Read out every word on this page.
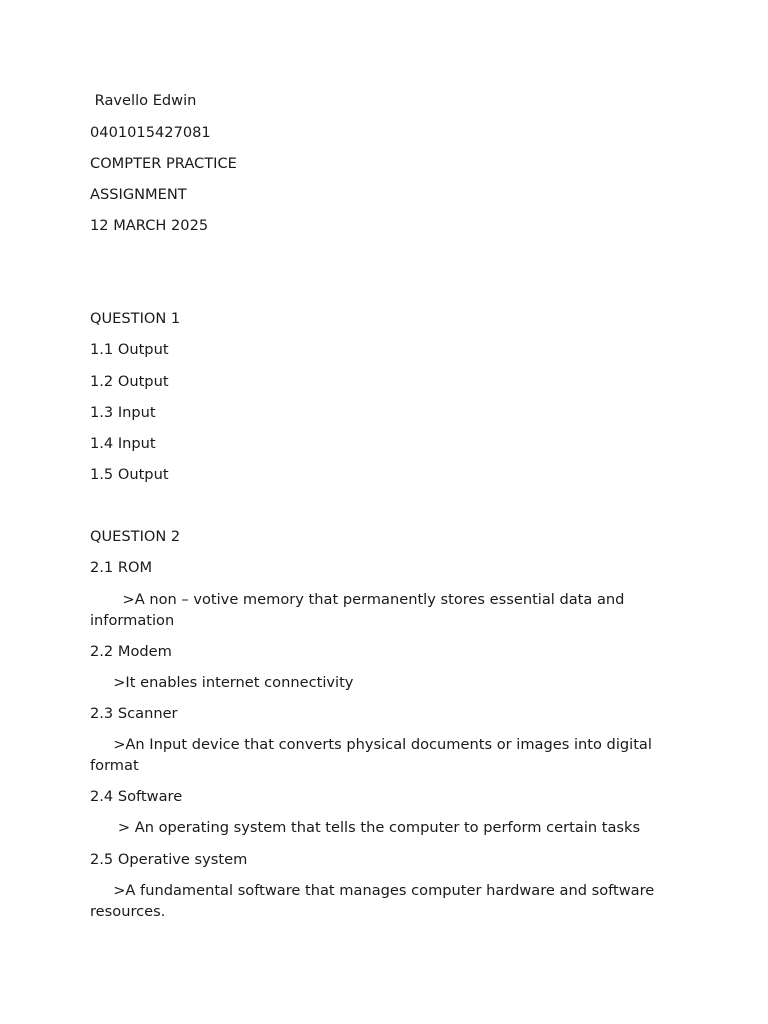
Ravello Edwin
0401015427081
COMPTER PRACTICE
ASSIGNMENT
12 MARCH 2025
QUESTION 1
1.1 Output
1.2 Output
1.3 Input
1.4 Input
1.5 Output
QUESTION 2
2.1 ROM
>A non – votive memory that permanently stores essential data and information
2.2 Modem
>It enables internet connectivity
2.3 Scanner
>An Input device that converts physical documents or images into digital format
2.4 Software
> An operating system that tells the computer to perform certain tasks
2.5 Operative system
>A fundamental software that manages computer hardware and software resources.
